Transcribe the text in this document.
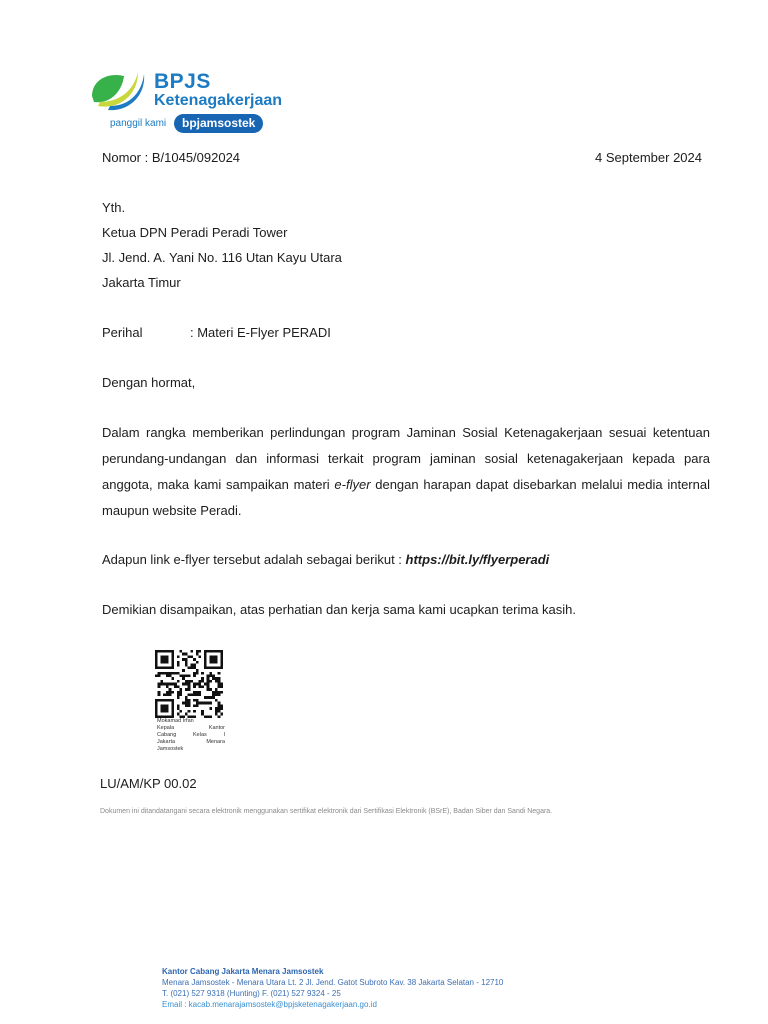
BPJS
Ketenagakerjaan
panggil kami	bpjamsostek
Nomor : B/1045/092024	4 September 2024
Yth.
Ketua DPN Peradi Peradi Tower
Jl. Jend. A. Yani No. 116 Utan Kayu Utara
Jakarta Timur
Perihal	: Materi E-Flyer PERADI
Dengan hormat,
Dalam rangka memberikan perlindungan program Jaminan Sosial Ketenagakerjaan sesuai ketentuan perundang-undangan dan informasi terkait program jaminan sosial ketenagakerjaan kepada para anggota, maka kami sampaikan materi e-flyer dengan harapan dapat disebarkan melalui media internal maupun website Peradi.
Adapun link e-flyer tersebut adalah sebagai berikut : https://bit.ly/flyerperadi
Demikian disampaikan, atas perhatian dan kerja sama kami ucapkan terima kasih.
Mokamad Irfan
Kepala Kantor
Cabang Kelas I
Jakarta Menara
Jamsostek
LU/AM/KP 00.02
Dokumen ini ditandatangani secara elektronik menggunakan sertifikat elektronik dari Sertifikasi Elektronik (BSrE), Badan Siber dan Sandi Negara.
Kantor Cabang Jakarta Menara Jamsostek
Menara Jamsostek - Menara Utara Lt. 2 Jl. Jend. Gatot Subroto Kav. 38 Jakarta Selatan - 12710
T. (021) 527 9318 (Hunting) F. (021) 527 9324 - 25
Email : kacab.menarajamsostek@bpjsketenagakerjaan.go.id
